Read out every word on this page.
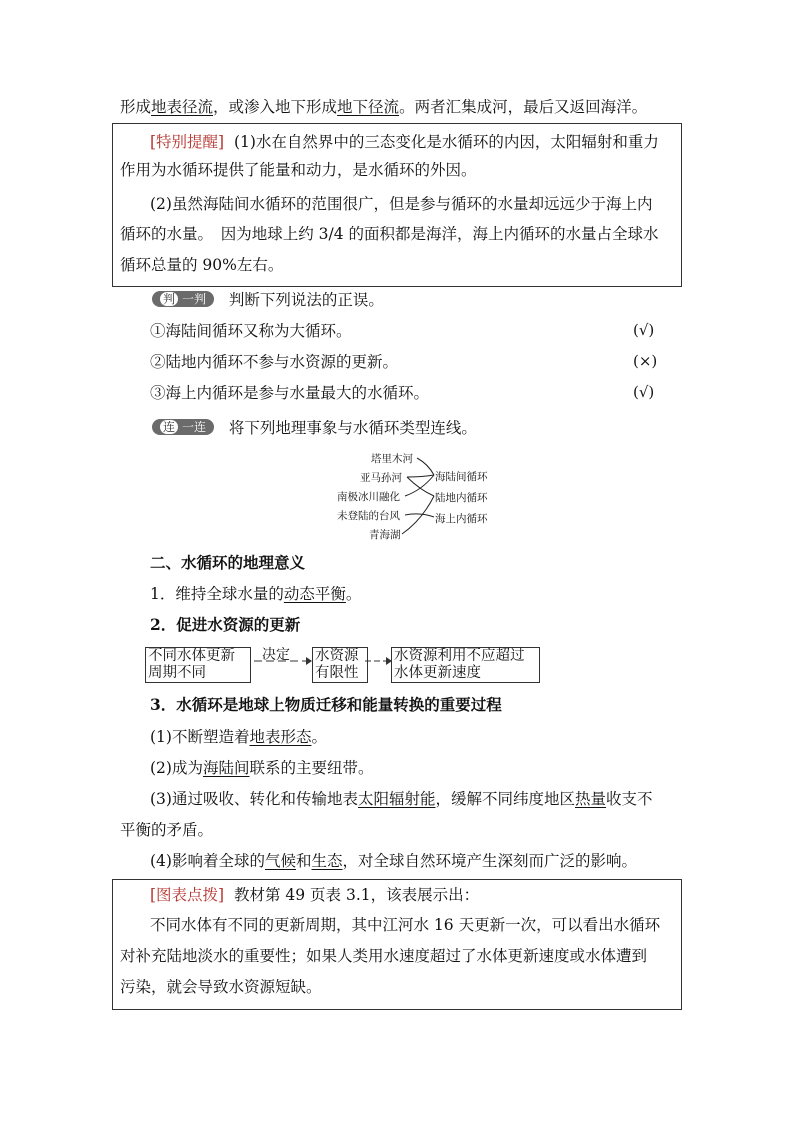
形成地表径流，或渗入地下形成地下径流。两者汇集成河，最后又返回海洋。
[特别提醒] (1)水在自然界中的三态变化是水循环的内因，太阳辐射和重力
作用为水循环提供了能量和动力，是水循环的外因。
(2)虽然海陆间水循环的范围很广，但是参与循环的水量却远远少于海上内
循环的水量。　因为地球上约 3/4 的面积都是海洋，海上内循环的水量占全球水
循环总量的 90%左右。
判 一判 判断下列说法的正误。
①海陆间循环又称为大循环。	(√)
②陆地内循环不参与水资源的更新。	(×)
③海上内循环是参与水量最大的水循环。	(√)
连 一连 将下列地理事象与水循环类型连线。
塔里木河
亚马孙河
南极冰川融化
未登陆的台风
青海湖
海陆间循环
陆地内循环
海上内循环
二、水循环的地理意义
1．维持全球水量的动态平衡。
2．促进水资源的更新
不同水体更新
周期不同
决定 水资源
有限性
水资源利用不应超过
水体更新速度
3．水循环是地球上物质迁移和能量转换的重要过程
(1)不断塑造着地表形态。
(2)成为海陆间联系的主要纽带。
(3)通过吸收、转化和传输地表太阳辐射能，缓解不同纬度地区热量收支不
平衡的矛盾。
(4)影响着全球的气候和生态，对全球自然环境产生深刻而广泛的影响。
[图表点拨] 教材第 49 页表 3.1，该表展示出：
不同水体有不同的更新周期，其中江河水 16 天更新一次，可以看出水循环
对补充陆地淡水的重要性；如果人类用水速度超过了水体更新速度或水体遭到
污染，就会导致水资源短缺。
